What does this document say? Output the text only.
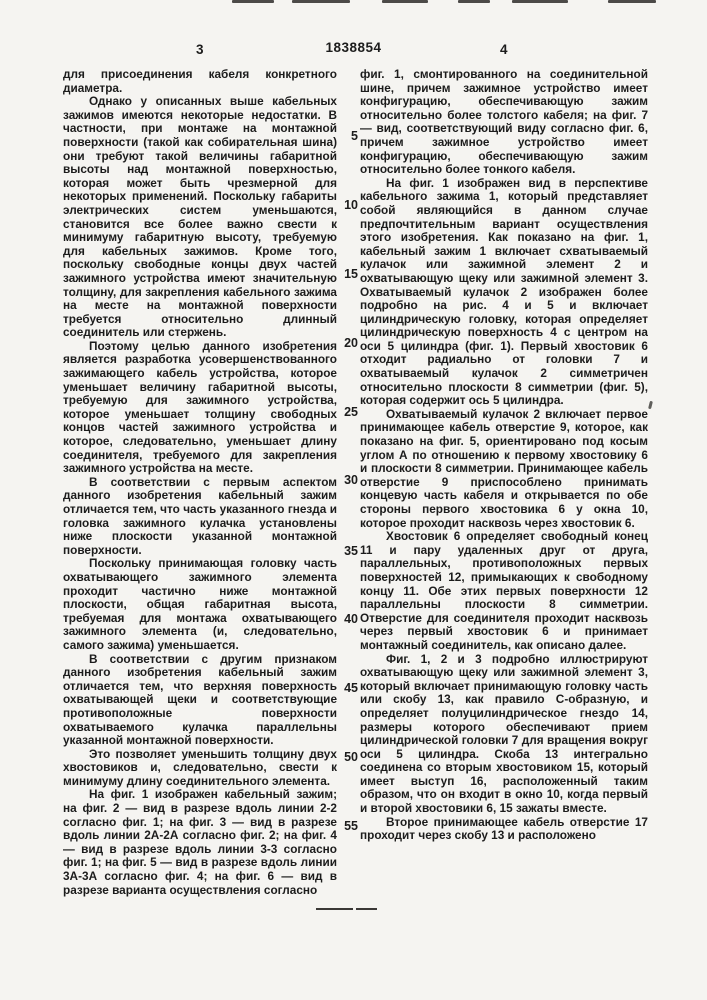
3	1838854	4

для присоединения кабеля конкретного диаметра.

Однако у описанных выше кабельных зажимов имеются некоторые недостатки. В частности, при монтаже на монтажной поверхности (такой как собирательная шина) они требуют такой величины габаритной высоты над монтажной поверхностью, которая может быть чрезмерной для некоторых применений. Поскольку габариты электрических систем уменьшаются, становится все более важно свести к минимуму габаритную высоту, требуемую для кабельных зажимов. Кроме того, поскольку свободные концы двух частей зажимного устройства имеют значительную толщину, для закрепления кабельного зажима на месте на монтажной поверхности требуется относительно длинный соединитель или стержень.

Поэтому целью данного изобретения является разработка усовершенствованного зажимающего кабель устройства, которое уменьшает величину габаритной высоты, требуемую для зажимного устройства, которое уменьшает толщину свободных концов частей зажимного устройства и которое, следовательно, уменьшает длину соединителя, требуемого для закрепления зажимного устройства на месте.

В соответствии с первым аспектом данного изобретения кабельный зажим отличается тем, что часть указанного гнезда и головка зажимного кулачка установлены ниже плоскости указанной монтажной поверхности.

Поскольку принимающая головку часть охватывающего зажимного элемента проходит частично ниже монтажной плоскости, общая габаритная высота, требуемая для монтажа охватывающего зажимного элемента (и, следовательно, самого зажима) уменьшается.

В соответствии с другим признаком данного изобретения кабельный зажим отличается тем, что верхняя поверхность охватывающей щеки и соответствующие противоположные поверхности охватываемого кулачка параллельны указанной монтажной поверхности.

Это позволяет уменьшить толщину двух хвостовиков и, следовательно, свести к минимуму длину соединительного элемента.

На фиг. 1 изображен кабельный зажим; на фиг. 2 — вид в разрезе вдоль линии 2-2 согласно фиг. 1; на фиг. 3 — вид в разрезе вдоль линии 2А-2А согласно фиг. 2; на фиг. 4 — вид в разрезе вдоль линии 3-3 согласно фиг. 1; на фиг. 5 — вид в разрезе вдоль линии 3А-3А согласно фиг. 4; на фиг. 6 — вид в разрезе варианта осуществления согласно

5
10
15
20
25
30
35
40
45
50
55

фиг. 1, смонтированного на соединительной шине, причем зажимное устройство имеет конфигурацию, обеспечивающую зажим относительно более толстого кабеля; на фиг. 7 — вид, соответствующий виду согласно фиг. 6, причем зажимное устройство имеет конфигурацию, обеспечивающую зажим относительно более тонкого кабеля.

На фиг. 1 изображен вид в перспективе кабельного зажима 1, который представляет собой являющийся в данном случае предпочтительным вариант осуществления этого изобретения. Как показано на фиг. 1, кабельный зажим 1 включает схватываемый кулачок или зажимной элемент 2 и охватывающую щеку или зажимной элемент 3. Охватываемый кулачок 2 изображен более подробно на рис. 4 и 5 и включает цилиндрическую головку, которая определяет цилиндрическую поверхность 4 с центром на оси 5 цилиндра (фиг. 1). Первый хвостовик 6 отходит радиально от головки 7 и охватываемый кулачок 2 симметричен относительно плоскости 8 симметрии (фиг. 5), которая содержит ось 5 цилиндра.

Охватываемый кулачок 2 включает первое принимающее кабель отверстие 9, которое, как показано на фиг. 5, ориентировано под косым углом А по отношению к первому хвостовику 6 и плоскости 8 симметрии. Принимающее кабель отверстие 9 приспособлено принимать концевую часть кабеля и открывается по обе стороны первого хвостовика 6 у окна 10, которое проходит насквозь через хвостовик 6.

Хвостовик 6 определяет свободный конец 11 и пару удаленных друг от друга, параллельных, противоположных первых поверхностей 12, примыкающих к свободному концу 11. Обе этих первых поверхности 12 параллельны плоскости 8 симметрии. Отверстие для соединителя проходит насквозь через первый хвостовик 6 и принимает монтажный соединитель, как описано далее.

Фиг. 1, 2 и 3 подробно иллюстрируют охватывающую щеку или зажимной элемент 3, который включает принимающую головку часть или скобу 13, как правило С-образную, и определяет полуцилиндрическое гнездо 14, размеры которого обеспечивают прием цилиндрической головки 7 для вращения вокруг оси 5 цилиндра. Скоба 13 интегрально соединена со вторым хвостовиком 15, который имеет выступ 16, расположенный таким образом, что он входит в окно 10, когда первый и второй хвостовики 6, 15 зажаты вместе.

Второе принимающее кабель отверстие 17 проходит через скобу 13 и расположено
